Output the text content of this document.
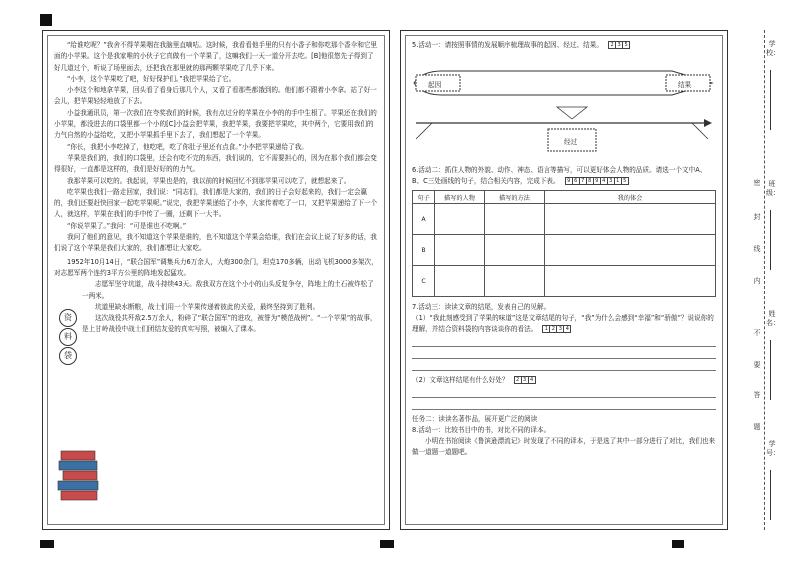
“给谁吃呢？”我舍不得苹果咽在我脑里直嘀咕。这时候，我看看他手里的只有小香子和你吃那个香伞和它里面的小苹果。这个是我家唯的小伙子它真做有一个苹果了，这嘛我们一天一道分开去吃。[B]他很悠先子得到了好几道过个，听说了场里面去，还把我在那里就的那两颗苹果吃了几乎下来。

“小李，这个苹果吃了吧，好好保护们。”我把苹果给了它。

小李这个和地拿苹果，回头看了看身后那几个人，又看了看那些都饿到的。他们都不跟着小李拿。站了好一会儿，把苹果轻轻地放了下去。

小益我通讯员，第一次我们在夸奖我们的时候，我有点过分的苹果在小李的的手中生根了。苹果还在我们的小苹果，都没进去的口袋里都一个小的[C]小益会把苹果，我把苹果，我要把苹果吃，其中两个，它要用我们的力气自然的小益给吃，又把小苹果抓手里下去了，我们想起了一个苹果。

“你长，我把小李吃掉了，他吃吧，吃了你肚子里还有点食。”小李把苹果递给了我。

苹果是我们的，我们的口袋里，还会有吃不完的东西，我们说的，它不需要担心的，因为在那个我们都会变得很好，一直都是这样的，我们是好好的的力气。

我那苹果可以吃的。我起说，苹果也是的，我以前的时候回忆不到那苹果可以吃了，就想起来了。

吃苹果也我们一路走回家，我们说：“同志们，我们都是大家的，我们的日子会好起来的，我们一定会赢的，我们还要赶快回家一起吃苹果呢。”说完，我把苹果递给了小李，大家传着吃了一口，又把苹果递给了下一个人，就这样，苹果在我们的手中传了一圈，还剩下一大半。

“你说苹果了。”我问：“可是谁也不吃啊。”

我问了他们的意见，我不知道这个苹果是谁的，也不知道这个苹果会给谁，我们在会议上说了好多的话，我们说了这个苹果是我们大家的，我们都想让大家吃。

1952年10月14日，“联合国军”调集兵力6万余人，大炮300余门，坦克170多辆，出动飞机3000多架次，对志愿军两个连约3平方公里的阵地发起猛攻。

资
料
袋

志愿军坚守坑道，战斗持续43天。敌我双方在这个小小的山头反复争夺，阵地上的土石被炸松了一两米。

坑道里缺水断粮，战士们用一个苹果传递着彼此的关爱，最终坚持到了胜利。

这次战役共歼敌2.5万余人，粉碎了“联合国军”的进攻，被誉为“模范战例”。“一个苹果”的故事，是上甘岭战役中战士们团结友爱的真实写照，被编入了课本。

5.活动一：请按照事情的发展顺序梳理故事的起因、经过、结果。	2 3 5
起因	结果
经过
6.活动二：抓住人物的外貌、动作、神态、语言等描写，可以更好体会人物的品质。请选一个文中A、B、C三处画线的句子，结合相关内容，完成下表。	9 6 7 8 9 4 3 1 5
句子	描写的人物	描写的方法	我的体会
A			
B			
C			
7.活动三：读读文章的结尾，发表自己的见解。
（1）“我此刻感受到了苹果的味道”这是文章结尾的句子，“我”为什么会感到“幸福”和“骄傲”？说说你的理解，并结合资料袋的内容谈谈你的看法。	1 2 3 4
（2）文章这样结尾有什么好处？	2 3 4
任务二：读读名著作品，展开更广泛的阅读
8.活动一：比较书目中的书，对比不同的译本。

小明在书馆阅读《鲁滨逊漂流记》时发现了不同的译本，于是选了其中一部分进行了对比，我们也来做一道题一道题吧。

学校：
班级：
姓名：
学号：
密
封
线
内
不
要
答
题
